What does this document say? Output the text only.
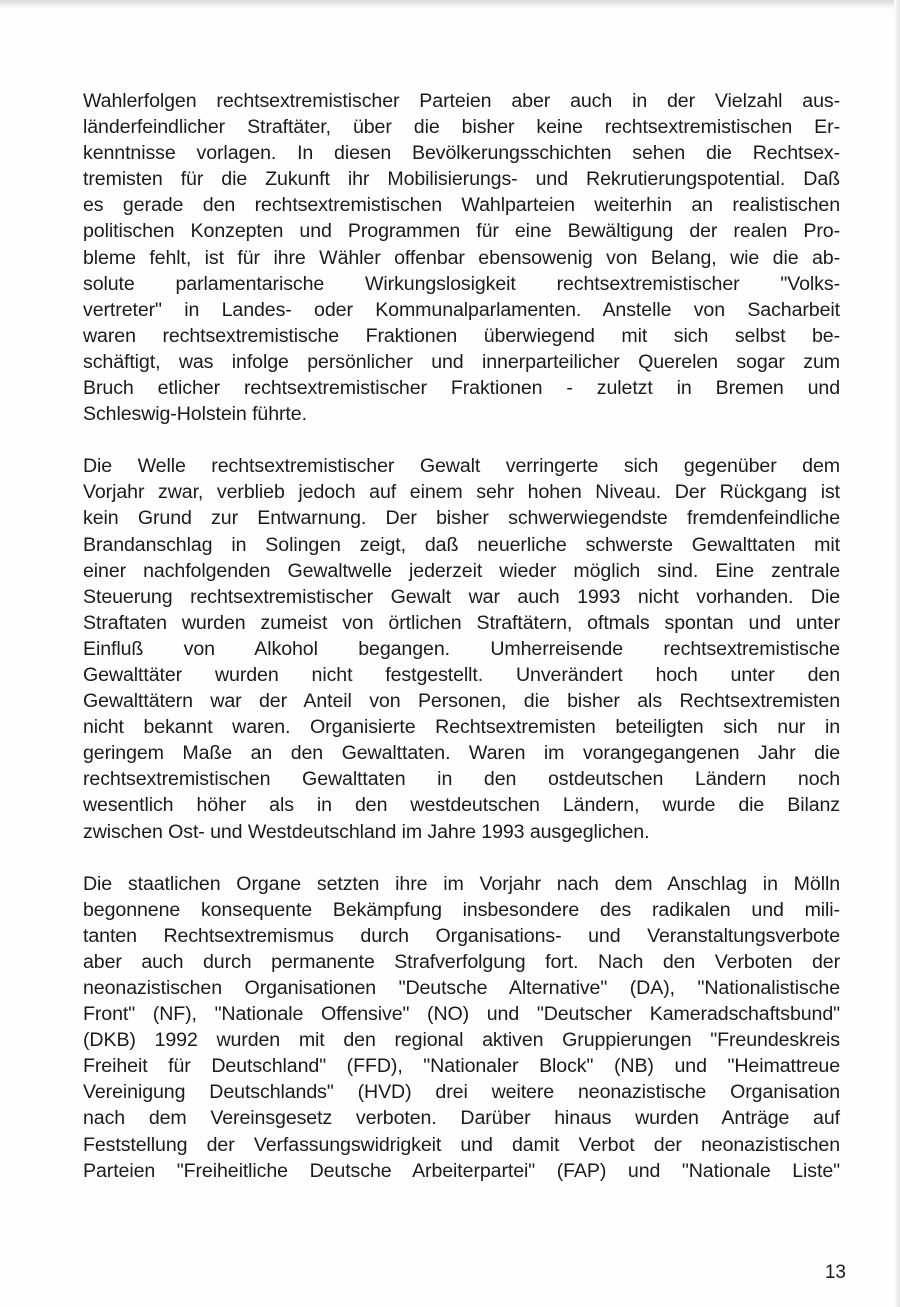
Wahlerfolgen rechtsextremistischer Parteien aber auch in der Vielzahl aus-
länderfeindlicher Straftäter, über die bisher keine rechtsextremistischen Er-
kenntnisse vorlagen. In diesen Bevölkerungsschichten sehen die Rechtsex-
tremisten für die Zukunft ihr Mobilisierungs- und Rekrutierungspotential. Daß
es gerade den rechtsextremistischen Wahlparteien weiterhin an realistischen
politischen Konzepten und Programmen für eine Bewältigung der realen Pro-
bleme fehlt, ist für ihre Wähler offenbar ebensowenig von Belang, wie die ab-
solute parlamentarische Wirkungslosigkeit rechtsextremistischer "Volks-
vertreter" in Landes- oder Kommunalparlamenten. Anstelle von Sacharbeit
waren rechtsextremistische Fraktionen überwiegend mit sich selbst be-
schäftigt, was infolge persönlicher und innerparteilicher Querelen sogar zum
Bruch etlicher rechtsextremistischer Fraktionen - zuletzt in Bremen und
Schleswig-Holstein führte.

Die Welle rechtsextremistischer Gewalt verringerte sich gegenüber dem
Vorjahr zwar, verblieb jedoch auf einem sehr hohen Niveau. Der Rückgang ist
kein Grund zur Entwarnung. Der bisher schwerwiegendste fremdenfeindliche
Brandanschlag in Solingen zeigt, daß neuerliche schwerste Gewalttaten mit
einer nachfolgenden Gewaltwelle jederzeit wieder möglich sind. Eine zentrale
Steuerung rechtsextremistischer Gewalt war auch 1993 nicht vorhanden. Die
Straftaten wurden zumeist von örtlichen Straftätern, oftmals spontan und unter
Einfluß von Alkohol begangen. Umherreisende rechtsextremistische
Gewalttäter wurden nicht festgestellt. Unverändert hoch unter den
Gewalttätern war der Anteil von Personen, die bisher als Rechtsextremisten
nicht bekannt waren. Organisierte Rechtsextremisten beteiligten sich nur in
geringem Maße an den Gewalttaten. Waren im vorangegangenen Jahr die
rechtsextremistischen Gewalttaten in den ostdeutschen Ländern noch
wesentlich höher als in den westdeutschen Ländern, wurde die Bilanz
zwischen Ost- und Westdeutschland im Jahre 1993 ausgeglichen.

Die staatlichen Organe setzten ihre im Vorjahr nach dem Anschlag in Mölln
begonnene konsequente Bekämpfung insbesondere des radikalen und mili-
tanten Rechtsextremismus durch Organisations- und Veranstaltungsverbote
aber auch durch permanente Strafverfolgung fort. Nach den Verboten der
neonazistischen Organisationen "Deutsche Alternative" (DA), "Nationalistische
Front" (NF), "Nationale Offensive" (NO) und "Deutscher Kameradschaftsbund"
(DKB) 1992 wurden mit den regional aktiven Gruppierungen "Freundeskreis
Freiheit für Deutschland" (FFD), "Nationaler Block" (NB) und "Heimattreue
Vereinigung Deutschlands" (HVD) drei weitere neonazistische Organisation
nach dem Vereinsgesetz verboten. Darüber hinaus wurden Anträge auf
Feststellung der Verfassungswidrigkeit und damit Verbot der neonazistischen
Parteien "Freiheitliche Deutsche Arbeiterpartei" (FAP) und "Nationale Liste"

13
